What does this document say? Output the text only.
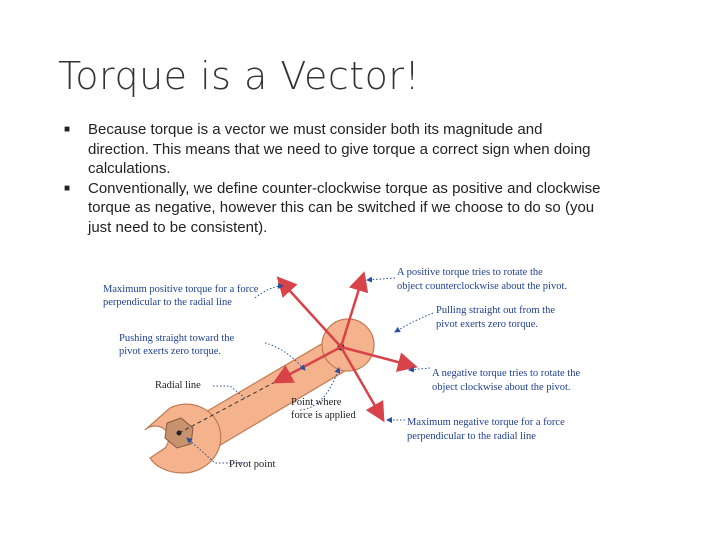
Torque is a Vector!
■ Because torque is a vector we must consider both its magnitude and direction. This means that we need to give torque a correct sign when doing calculations.
■ Conventionally, we define counter-clockwise torque as positive and clockwise torque as negative, however this can be switched if we choose to do so (you just need to be consistent).
Maximum positive torque for a force
perpendicular to the radial line
Pushing straight toward the
pivot exerts zero torque.
Radial line
Point where
force is applied
Pivot point
A positive torque tries to rotate the
object counterclockwise about the pivot.
Pulling straight out from the
pivot exerts zero torque.
A negative torque tries to rotate the
object clockwise about the pivot.
Maximum negative torque for a force
perpendicular to the radial line
